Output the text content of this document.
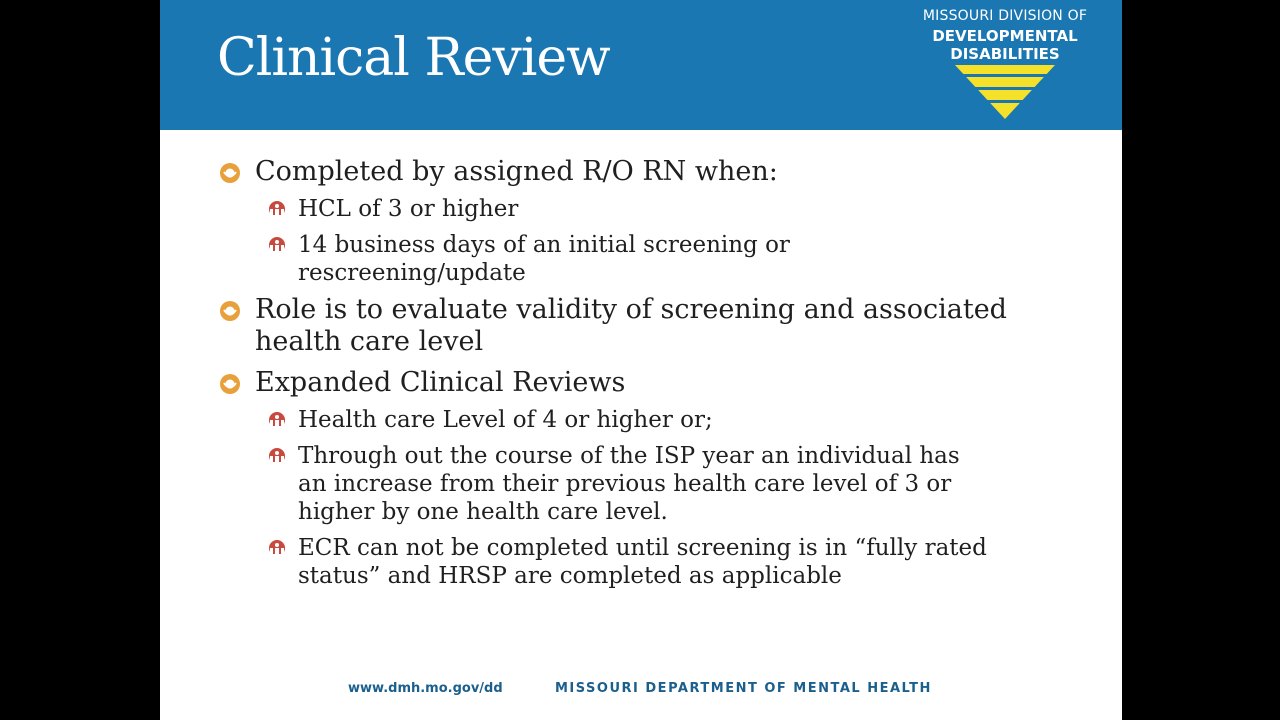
Clinical Review
MISSOURI DIVISION OF
DEVELOPMENTAL
DISABILITIES
Completed by assigned R/O RN when:
HCL of 3 or higher
14 business days of an initial screening or
rescreening/update
Role is to evaluate validity of screening and associated
health care level
Expanded Clinical Reviews
Health care Level of 4 or higher or;
Through out the course of the ISP year an individual has
an increase from their previous health care level of 3 or
higher by one health care level.
ECR can not be completed until screening is in “fully rated
status” and HRSP are completed as applicable
www.dmh.mo.gov/dd	MISSOURI DEPARTMENT OF MENTAL HEALTH
